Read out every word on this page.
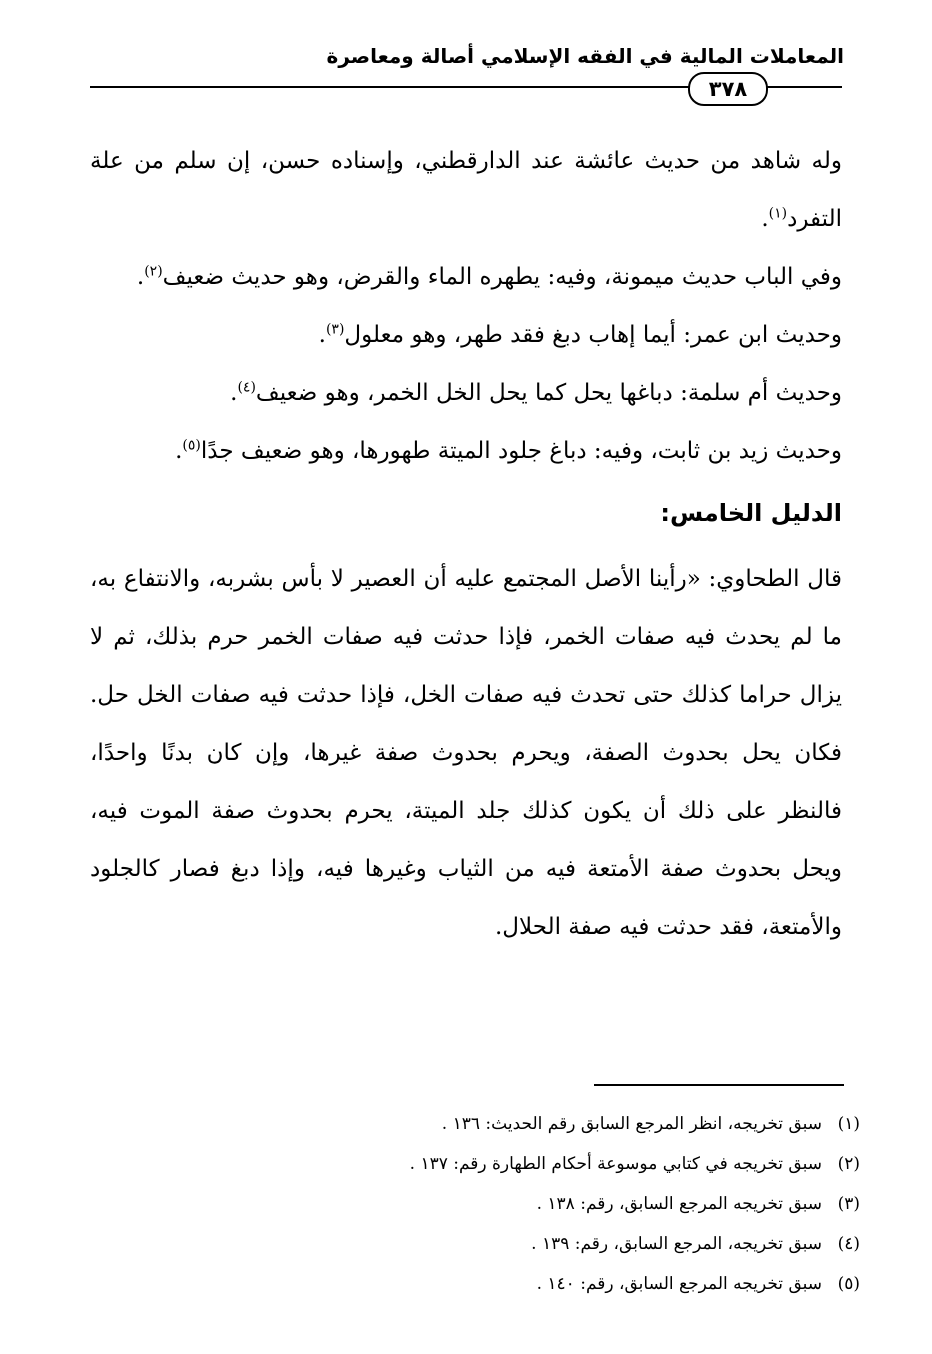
المعاملات المالية في الفقه الإسلامي أصالة ومعاصرة
٣٧٨

وله شاهد من حديث عائشة عند الدارقطني، وإسناده حسن، إن سلم من علة التفرد$^{(١)}$.

وفي الباب حديث ميمونة، وفيه: يطهره الماء والقرض، وهو حديث ضعيف$^{(٢)}$.

وحديث ابن عمر: أيما إهاب دبغ فقد طهر، وهو معلول$^{(٣)}$.

وحديث أم سلمة: دباغها يحل كما يحل الخل الخمر، وهو ضعيف$^{(٤)}$.

وحديث زيد بن ثابت، وفيه: دباغ جلود الميتة طهورها، وهو ضعيف جدًا$^{(٥)}$.

الدليل الخامس:

قال الطحاوي: «رأينا الأصل المجتمع عليه أن العصير لا بأس بشربه، والانتفاع به، ما لم يحدث فيه صفات الخمر، فإذا حدثت فيه صفات الخمر حرم بذلك، ثم لا يزال حراما كذلك حتى تحدث فيه صفات الخل، فإذا حدثت فيه صفات الخل حل. فكان يحل بحدوث الصفة، ويحرم بحدوث صفة غيرها، وإن كان بدنًا واحدًا، فالنظر على ذلك أن يكون كذلك جلد الميتة، يحرم بحدوث صفة الموت فيه، ويحل بحدوث صفة الأمتعة فيه من الثياب وغيرها فيه، وإذا دبغ فصار كالجلود والأمتعة، فقد حدثت فيه صفة الحلال.

(١)سبق تخريجه، انظر المرجع السابق رقم الحديث: ١٣٦ .
(٢)سبق تخريجه في كتابي موسوعة أحكام الطهارة رقم: ١٣٧ .
(٣)سبق تخريجه المرجع السابق، رقم: ١٣٨ .
(٤)سبق تخريجه، المرجع السابق، رقم: ١٣٩ .
(٥)سبق تخريجه المرجع السابق، رقم: ١٤٠ .
